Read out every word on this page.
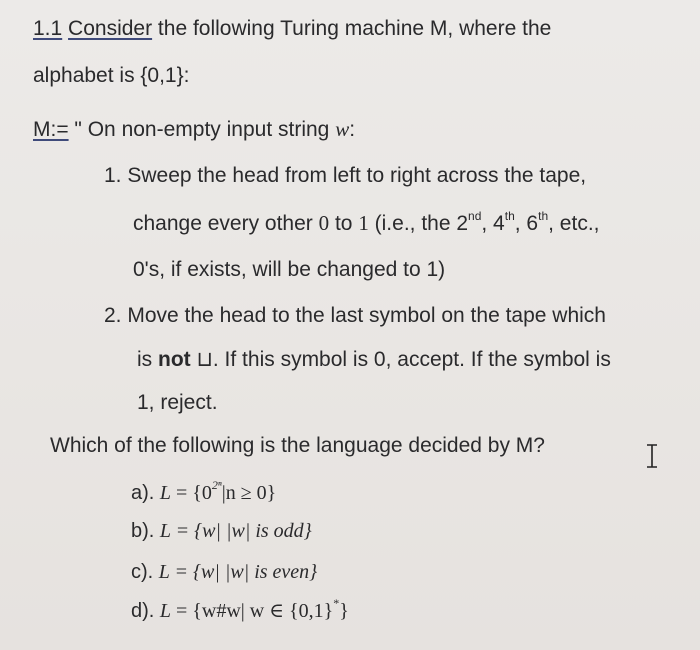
1.1 Consider the following Turing machine M, where the
alphabet is {0,1}:
M:= " On non-empty input string w:
1. Sweep the head from left to right across the tape,
change every other 0 to 1 (i.e., the 2nd, 4th, 6th, etc.,
0's, if exists, will be changed to 1)
2. Move the head to the last symbol on the tape which
is not ⊔. If this symbol is 0, accept. If the symbol is
1, reject.
Which of the following is the language decided by M?
a). $L = \{0^{2^n}|n \ge 0\}$
b). L = {w| |w| is odd}
c). L = {w| |w| is even}
d). L = {w#w| w ∈ {0,1}*}
